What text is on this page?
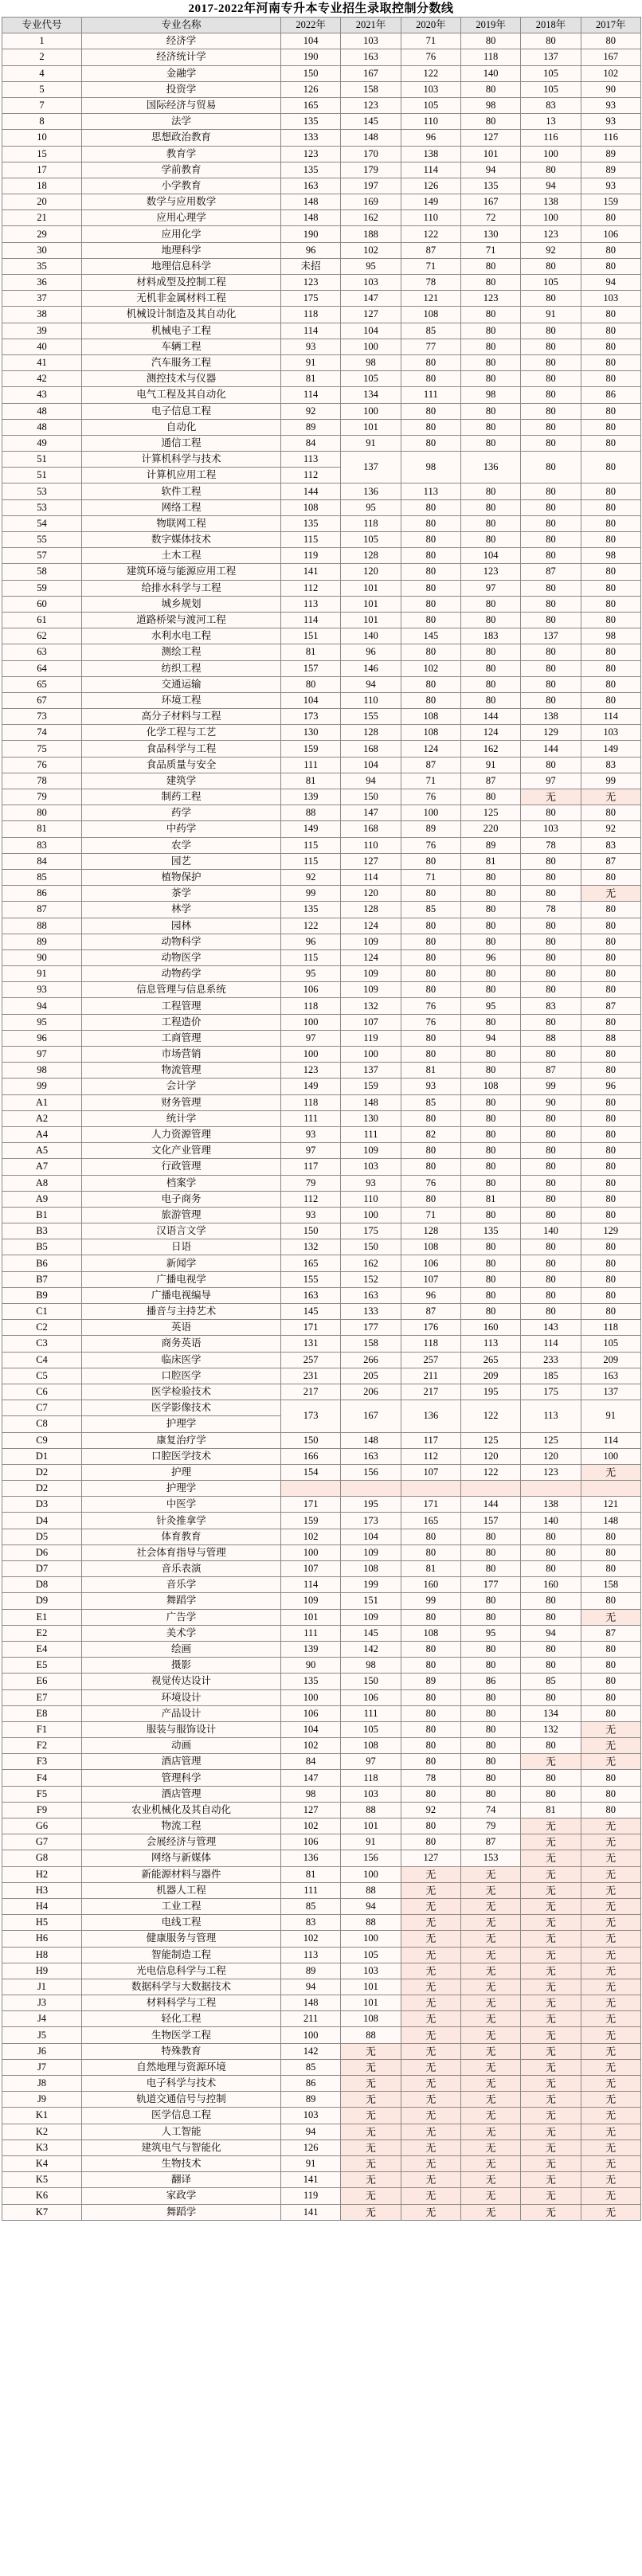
2017-2022年河南专升本专业招生录取控制分数线
专业代号	专业名称	2022年	2021年	2020年	2019年	2018年	2017年
1	经济学	104	103	71	80	80	80
2	经济统计学	190	163	76	118	137	167
4	金融学	150	167	122	140	105	102
5	投资学	126	158	103	80	105	90
7	国际经济与贸易	165	123	105	98	83	93
8	法学	135	145	110	80	13	93
10	思想政治教育	133	148	96	127	116	116
15	教育学	123	170	138	101	100	89
17	学前教育	135	179	114	94	80	89
18	小学教育	163	197	126	135	94	93
20	数学与应用数学	148	169	149	167	138	159
21	应用心理学	148	162	110	72	100	80
29	应用化学	190	188	122	130	123	106
30	地理科学	96	102	87	71	92	80
35	地理信息科学	未招	95	71	80	80	80
36	材料成型及控制工程	123	103	78	80	105	94
37	无机非金属材料工程	175	147	121	123	80	103
38	机械设计制造及其自动化	118	127	108	80	91	80
39	机械电子工程	114	104	85	80	80	80
40	车辆工程	93	100	77	80	80	80
41	汽车服务工程	91	98	80	80	80	80
42	测控技术与仪器	81	105	80	80	80	80
43	电气工程及其自动化	114	134	111	98	80	86
48	电子信息工程	92	100	80	80	80	80
48	自动化	89	101	80	80	80	80
49	通信工程	84	91	80	80	80	80
51	计算机科学与技术	113	137	98	136	80	80
51	计算机应用工程	112					
53	软件工程	144	136	113	80	80	80
53	网络工程	108	95	80	80	80	80
54	物联网工程	135	118	80	80	80	80
55	数字媒体技术	115	105	80	80	80	80
57	土木工程	119	128	80	104	80	98
58	建筑环境与能源应用工程	141	120	80	123	87	80
59	给排水科学与工程	112	101	80	97	80	80
60	城乡规划	113	101	80	80	80	80
61	道路桥梁与渡河工程	114	101	80	80	80	80
62	水利水电工程	151	140	145	183	137	98
63	测绘工程	81	96	80	80	80	80
64	纺织工程	157	146	102	80	80	80
65	交通运输	80	94	80	80	80	80
67	环境工程	104	110	80	80	80	80
73	高分子材料与工程	173	155	108	144	138	114
74	化学工程与工艺	130	128	108	124	129	103
75	食品科学与工程	159	168	124	162	144	149
76	食品质量与安全	111	104	87	91	80	83
78	建筑学	81	94	71	87	97	99
79	制药工程	139	150	76	80	无	无
80	药学	88	147	100	125	80	80
81	中药学	149	168	89	220	103	92
83	农学	115	110	76	89	78	83
84	园艺	115	127	80	81	80	87
85	植物保护	92	114	71	80	80	80
86	茶学	99	120	80	80	80	无
87	林学	135	128	85	80	78	80
88	园林	122	124	80	80	80	80
89	动物科学	96	109	80	80	80	80
90	动物医学	115	124	80	96	80	80
91	动物药学	95	109	80	80	80	80
93	信息管理与信息系统	106	109	80	80	80	80
94	工程管理	118	132	76	95	83	87
95	工程造价	100	107	76	80	80	80
96	工商管理	97	119	80	94	88	88
97	市场营销	100	100	80	80	80	80
98	物流管理	123	137	81	80	87	80
99	会计学	149	159	93	108	99	96
A1	财务管理	118	148	85	80	90	80
A2	统计学	111	130	80	80	80	80
A4	人力资源管理	93	111	82	80	80	80
A5	文化产业管理	97	109	80	80	80	80
A7	行政管理	117	103	80	80	80	80
A8	档案学	79	93	76	80	80	80
A9	电子商务	112	110	80	81	80	80
B1	旅游管理	93	100	71	80	80	80
B3	汉语言文学	150	175	128	135	140	129
B5	日语	132	150	108	80	80	80
B6	新闻学	165	162	106	80	80	80
B7	广播电视学	155	152	107	80	80	80
B9	广播电视编导	163	163	96	80	80	80
C1	播音与主持艺术	145	133	87	80	80	80
C2	英语	171	177	176	160	143	118
C3	商务英语	131	158	118	113	114	105
C4	临床医学	257	266	257	265	233	209
C5	口腔医学	231	205	211	209	185	163
C6	医学检验技术	217	206	217	195	175	137
C7	医学影像技术	173	167	136	122	113	91
C8	护理学						
C9	康复治疗学	150	148	117	125	125	114
D1	口腔医学技术	166	163	112	120	120	100
D2	护理	154	156	107	122	123	无
D2	护理学						
D3	中医学	171	195	171	144	138	121
D4	针灸推拿学	159	173	165	157	140	148
D5	体育教育	102	104	80	80	80	80
D6	社会体育指导与管理	100	109	80	80	80	80
D7	音乐表演	107	108	81	80	80	80
D8	音乐学	114	199	160	177	160	158
D9	舞蹈学	109	151	99	80	80	80
E1	广告学	101	109	80	80	80	无
E2	美术学	111	145	108	95	94	87
E4	绘画	139	142	80	80	80	80
E5	摄影	90	98	80	80	80	80
E6	视觉传达设计	135	150	89	86	85	80
E7	环境设计	100	106	80	80	80	80
E8	产品设计	106	111	80	80	134	80
F1	服装与服饰设计	104	105	80	80	132	无
F2	动画	102	108	80	80	80	无
F3	酒店管理	84	97	80	80	无	无
F4	管理科学	147	118	78	80	80	80
F5	酒店管理	98	103	80	80	80	80
F9	农业机械化及其自动化	127	88	92	74	81	80
G6	物流工程	102	101	80	79	无	无
G7	会展经济与管理	106	91	80	87	无	无
G8	网络与新媒体	136	156	127	153	无	无
H2	新能源材料与器件	81	100	无	无	无	无
H3	机器人工程	111	88	无	无	无	无
H4	工业工程	85	94	无	无	无	无
H5	电线工程	83	88	无	无	无	无
H6	健康服务与管理	102	100	无	无	无	无
H8	智能制造工程	113	105	无	无	无	无
H9	光电信息科学与工程	89	103	无	无	无	无
J1	数据科学与大数据技术	94	101	无	无	无	无
J3	材料科学与工程	148	101	无	无	无	无
J4	轻化工程	211	108	无	无	无	无
J5	生物医学工程	100	88	无	无	无	无
J6	特殊教育	142	无	无	无	无	无
J7	自然地理与资源环境	85	无	无	无	无	无
J8	电子科学与技术	86	无	无	无	无	无
J9	轨道交通信号与控制	89	无	无	无	无	无
K1	医学信息工程	103	无	无	无	无	无
K2	人工智能	94	无	无	无	无	无
K3	建筑电气与智能化	126	无	无	无	无	无
K4	生物技术	91	无	无	无	无	无
K5	翻译	141	无	无	无	无	无
K6	家政学	119	无	无	无	无	无
K7	舞蹈学	141	无	无	无	无	无
